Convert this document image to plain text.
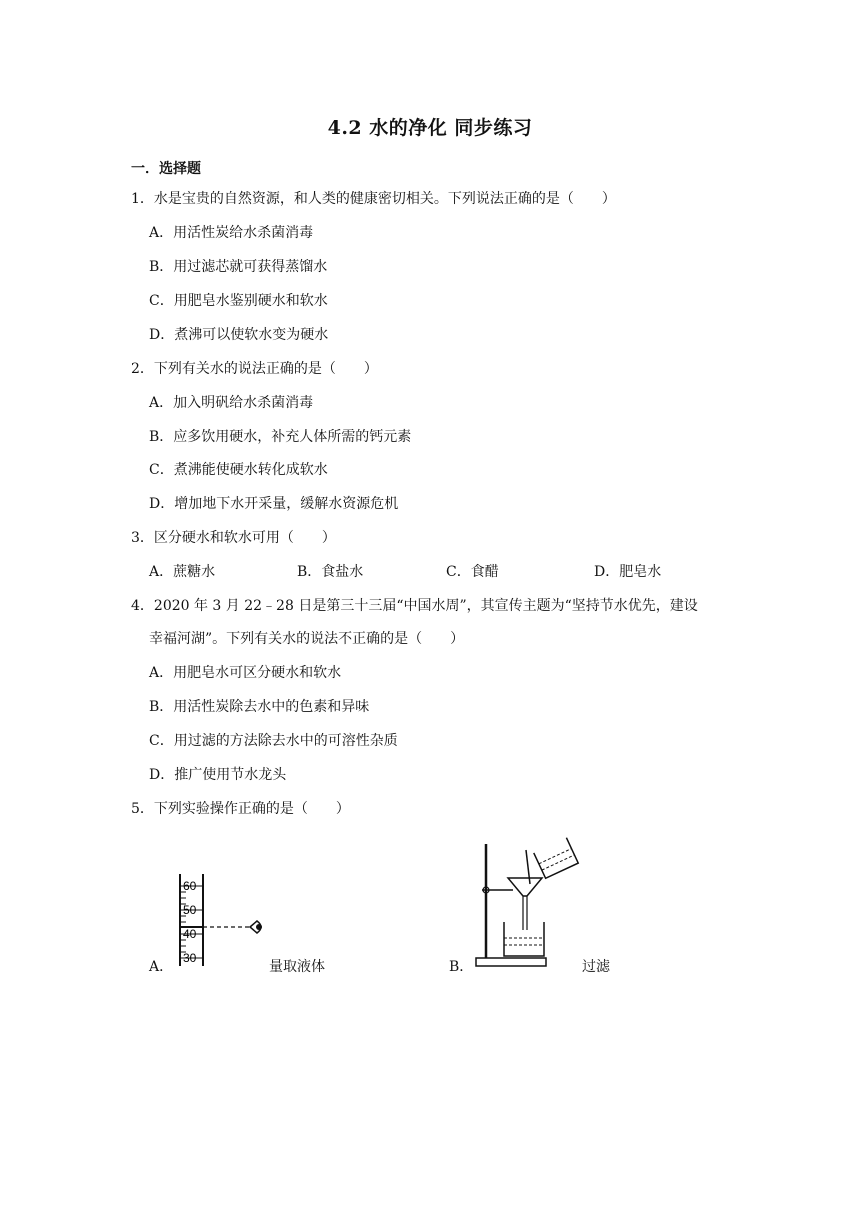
4.2 水的净化 同步练习
一．选择题
1．水是宝贵的自然资源，和人类的健康密切相关。下列说法正确的是（　　）
A．用活性炭给水杀菌消毒
B．用过滤芯就可获得蒸馏水
C．用肥皂水鉴别硬水和软水
D．煮沸可以使软水变为硬水
2．下列有关水的说法正确的是（　　）
A．加入明矾给水杀菌消毒
B．应多饮用硬水，补充人体所需的钙元素
C．煮沸能使硬水转化成软水
D．增加地下水开采量，缓解水资源危机
3．区分硬水和软水可用（　　）
A．蔗糖水	B．食盐水	C．食醋	D．肥皂水
4．2020 年 3 月 22﹣28 日是第三十三届“中国水周”，其宣传主题为“坚持节水优先，建设
幸福河湖”。下列有关水的说法不正确的是（　　）
A．用肥皂水可区分硬水和软水
B．用活性炭除去水中的色素和异味
C．用过滤的方法除去水中的可溶性杂质
D．推广使用节水龙头
5．下列实验操作正确的是（　　）
A．
60
50
40
30
量取液体	B．	过滤
